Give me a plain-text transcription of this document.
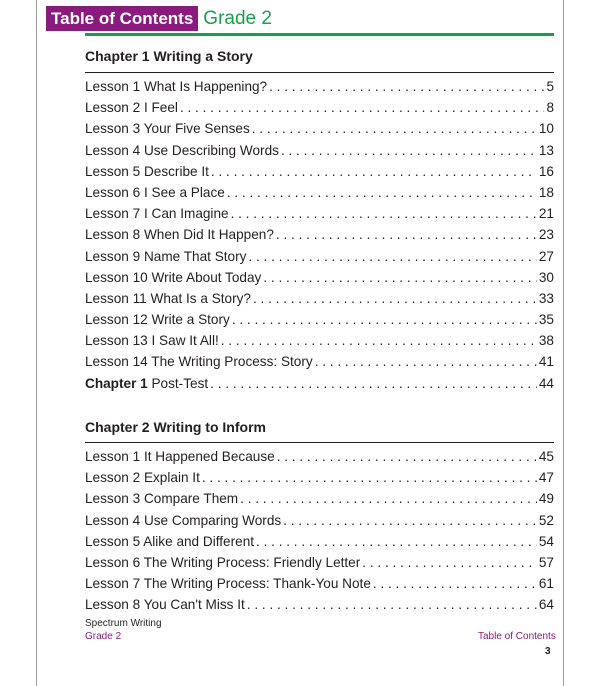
Table of Contents Grade 2
Chapter 1 Writing a Story
Lesson 1 What Is Happening? . . .	5
Lesson 2 I Feel . . .	8
Lesson 3 Your Five Senses . . .	10
Lesson 4 Use Describing Words . . .	13
Lesson 5 Describe It . . .	16
Lesson 6 I See a Place . . .	18
Lesson 7 I Can Imagine . . .	21
Lesson 8 When Did It Happen? . . .	23
Lesson 9 Name That Story . . .	27
Lesson 10 Write About Today . . .	30
Lesson 11 What Is a Story? . . .	33
Lesson 12 Write a Story . . .	35
Lesson 13 I Saw It All! . . .	38
Lesson 14 The Writing Process: Story . . .	41
Chapter 1 Post-Test . . .	44
Chapter 2 Writing to Inform
Lesson 1 It Happened Because . . .	45
Lesson 2 Explain It . . .	47
Lesson 3 Compare Them . . .	49
Lesson 4 Use Comparing Words . . .	52
Lesson 5 Alike and Different . . .	54
Lesson 6 The Writing Process: Friendly Letter . . .	57
Lesson 7 The Writing Process: Thank-You Note . . .	61
Lesson 8 You Can't Miss It . . .	64
Spectrum Writing
Grade 2	Table of Contents
3
